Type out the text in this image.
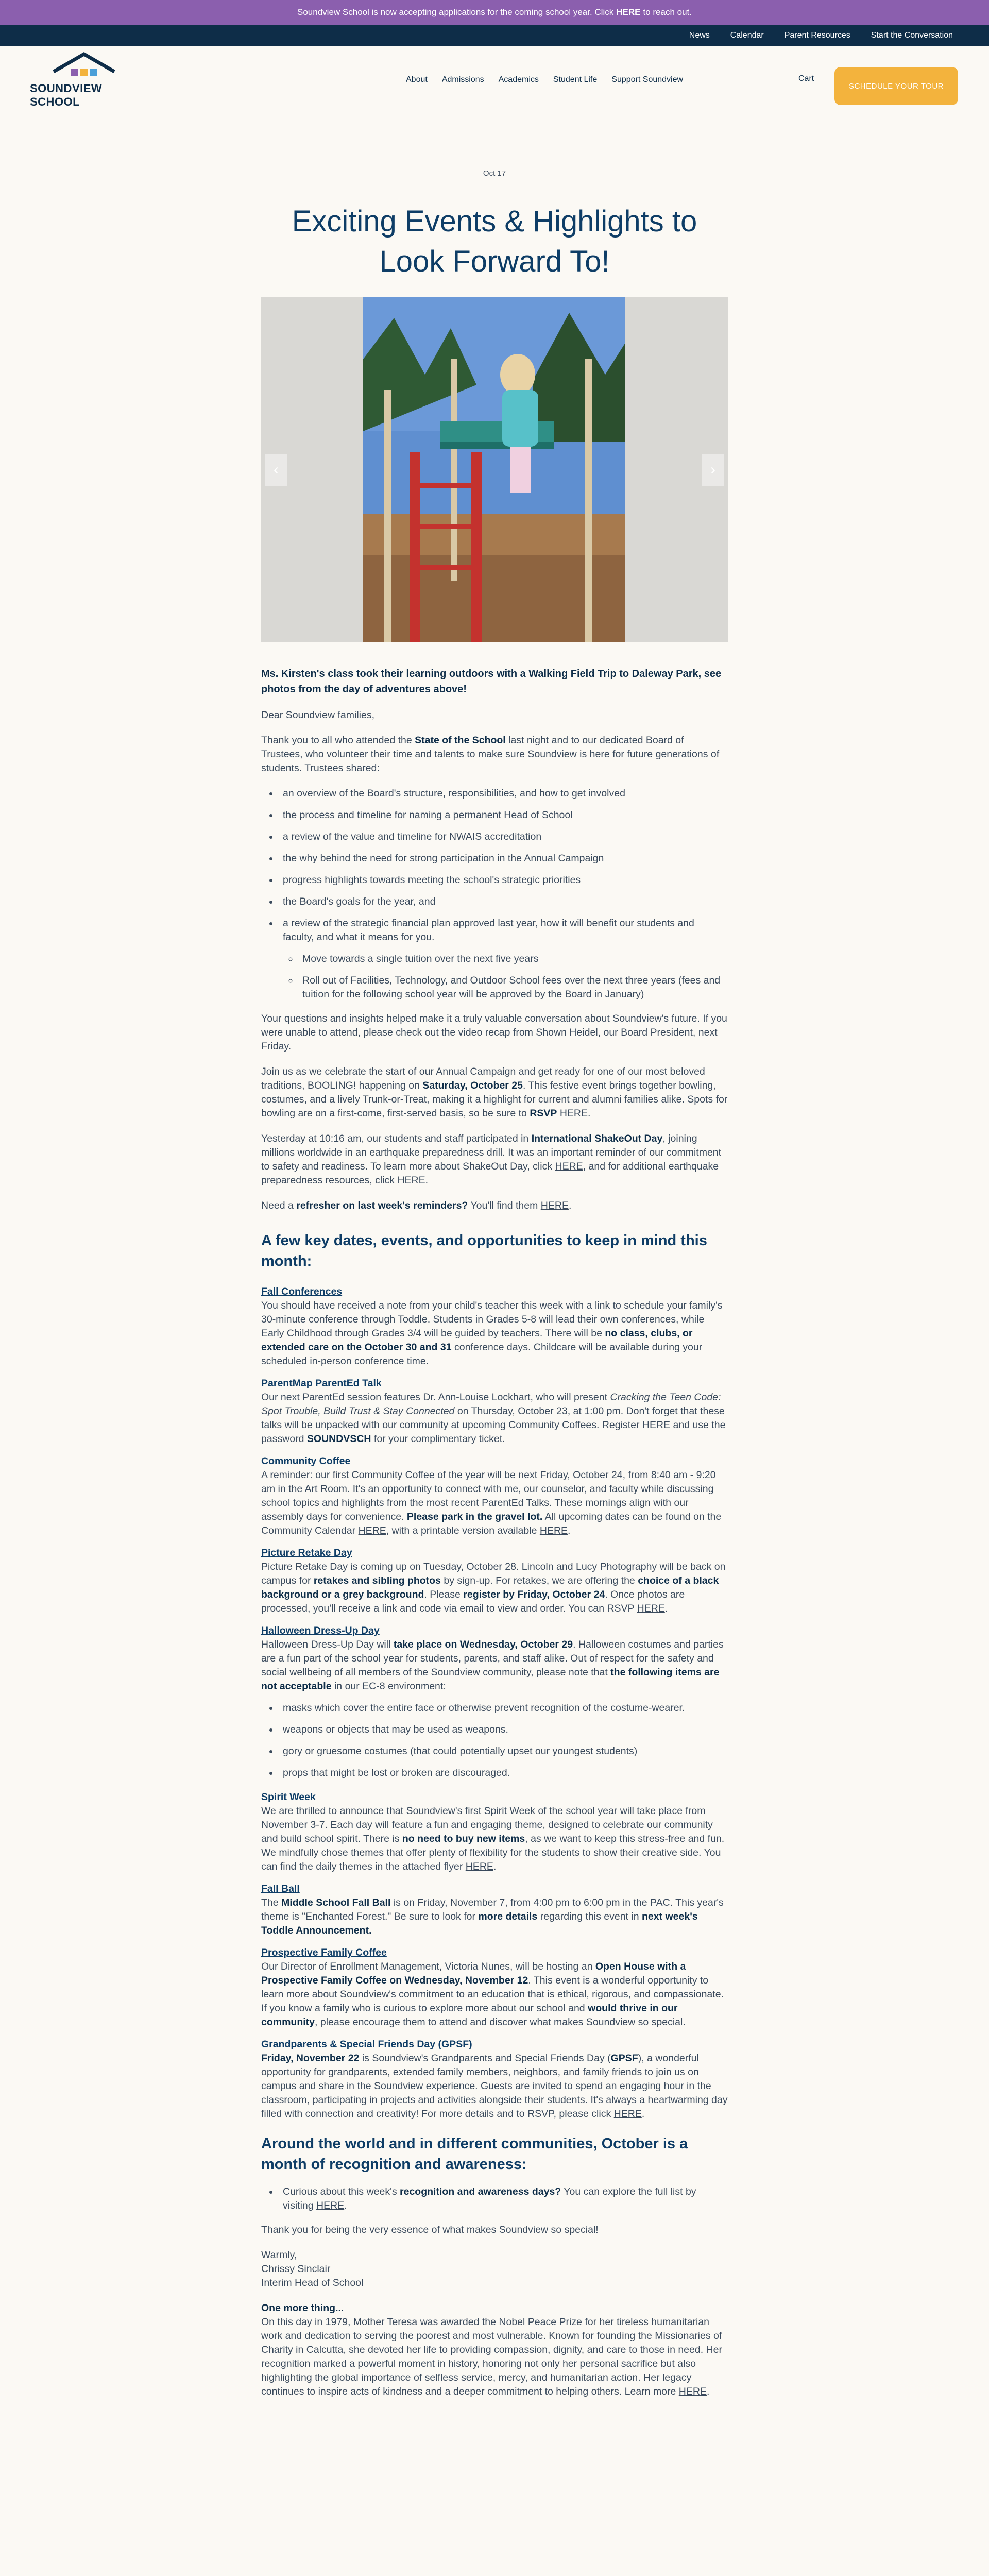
Soundview School is now accepting applications for the coming school year. Click HERE to reach out.
News	Calendar	Parent Resources	Start the Conversation
SOUNDVIEW SCHOOL
About Admissions Academics Student Life Support Soundview	Cart
SCHEDULE YOUR TOUR
Oct 17
Exciting Events & Highlights to Look Forward To!
‹	›

Ms. Kirsten's class took their learning outdoors with a Walking Field Trip to Daleway Park, see photos from the day of adventures above!

Dear Soundview families,

Thank you to all who attended the State of the School last night and to our dedicated Board of Trustees, who volunteer their time and talents to make sure Soundview is here for future generations of students. Trustees shared:

• an overview of the Board's structure, responsibilities, and how to get involved
• the process and timeline for naming a permanent Head of School
• a review of the value and timeline for NWAIS accreditation
• the why behind the need for strong participation in the Annual Campaign
• progress highlights towards meeting the school's strategic priorities
• the Board's goals for the year, and
• a review of the strategic financial plan approved last year, how it will benefit our students and faculty, and what it means for you.
◦ Move towards a single tuition over the next five years
◦ Roll out of Facilities, Technology, and Outdoor School fees over the next three years (fees and tuition for the following school year will be approved by the Board in January)

Your questions and insights helped make it a truly valuable conversation about Soundview's future. If you were unable to attend, please check out the video recap from Shown Heidel, our Board President, next Friday.

Join us as we celebrate the start of our Annual Campaign and get ready for one of our most beloved traditions, BOOLING! happening on Saturday, October 25. This festive event brings together bowling, costumes, and a lively Trunk-or-Treat, making it a highlight for current and alumni families alike. Spots for bowling are on a first-come, first-served basis, so be sure to RSVP HERE.

Yesterday at 10:16 am, our students and staff participated in International ShakeOut Day, joining millions worldwide in an earthquake preparedness drill. It was an important reminder of our commitment to safety and readiness. To learn more about ShakeOut Day, click HERE, and for additional earthquake preparedness resources, click HERE.

Need a refresher on last week's reminders? You'll find them HERE.

A few key dates, events, and opportunities to keep in mind this month:
Fall Conferences
You should have received a note from your child's teacher this week with a link to schedule your family's 30-minute conference through Toddle. Students in Grades 5-8 will lead their own conferences, while Early Childhood through Grades 3/4 will be guided by teachers. There will be no class, clubs, or extended care on the October 30 and 31 conference days. Childcare will be available during your scheduled in-person conference time.
ParentMap ParentEd Talk
Our next ParentEd session features Dr. Ann-Louise Lockhart, who will present Cracking the Teen Code: Spot Trouble, Build Trust & Stay Connected on Thursday, October 23, at 1:00 pm. Don't forget that these talks will be unpacked with our community at upcoming Community Coffees. Register HERE and use the password SOUNDVSCH for your complimentary ticket.
Community Coffee
A reminder: our first Community Coffee of the year will be next Friday, October 24, from 8:40 am - 9:20 am in the Art Room. It's an opportunity to connect with me, our counselor, and faculty while discussing school topics and highlights from the most recent ParentEd Talks. These mornings align with our assembly days for convenience. Please park in the gravel lot. All upcoming dates can be found on the Community Calendar HERE, with a printable version available HERE.
Picture Retake Day
Picture Retake Day is coming up on Tuesday, October 28. Lincoln and Lucy Photography will be back on campus for retakes and sibling photos by sign-up. For retakes, we are offering the choice of a black background or a grey background. Please register by Friday, October 24. Once photos are processed, you'll receive a link and code via email to view and order. You can RSVP HERE.
Halloween Dress-Up Day
Halloween Dress-Up Day will take place on Wednesday, October 29. Halloween costumes and parties are a fun part of the school year for students, parents, and staff alike. Out of respect for the safety and social wellbeing of all members of the Soundview community, please note that the following items are not acceptable in our EC-8 environment:
• masks which cover the entire face or otherwise prevent recognition of the costume-wearer.
• weapons or objects that may be used as weapons.
• gory or gruesome costumes (that could potentially upset our youngest students)
• props that might be lost or broken are discouraged.
Spirit Week
We are thrilled to announce that Soundview's first Spirit Week of the school year will take place from November 3-7. Each day will feature a fun and engaging theme, designed to celebrate our community and build school spirit. There is no need to buy new items, as we want to keep this stress-free and fun. We mindfully chose themes that offer plenty of flexibility for the students to show their creative side. You can find the daily themes in the attached flyer HERE.
Fall Ball
The Middle School Fall Ball is on Friday, November 7, from 4:00 pm to 6:00 pm in the PAC. This year's theme is "Enchanted Forest." Be sure to look for more details regarding this event in next week's Toddle Announcement.
Prospective Family Coffee
Our Director of Enrollment Management, Victoria Nunes, will be hosting an Open House with a Prospective Family Coffee on Wednesday, November 12. This event is a wonderful opportunity to learn more about Soundview's commitment to an education that is ethical, rigorous, and compassionate. If you know a family who is curious to explore more about our school and would thrive in our community, please encourage them to attend and discover what makes Soundview so special.
Grandparents & Special Friends Day (GPSF)
Friday, November 22 is Soundview's Grandparents and Special Friends Day (GPSF), a wonderful opportunity for grandparents, extended family members, neighbors, and family friends to join us on campus and share in the Soundview experience. Guests are invited to spend an engaging hour in the classroom, participating in projects and activities alongside their students. It's always a heartwarming day filled with connection and creativity! For more details and to RSVP, please click HERE.
Around the world and in different communities, October is a month of recognition and awareness:
• Curious about this week's recognition and awareness days? You can explore the full list by visiting HERE.

Thank you for being the very essence of what makes Soundview so special!

Warmly,

Chrissy Sinclair

Interim Head of School

One more thing...
On this day in 1979, Mother Teresa was awarded the Nobel Peace Prize for her tireless humanitarian work and dedication to serving the poorest and most vulnerable. Known for founding the Missionaries of Charity in Calcutta, she devoted her life to providing compassion, dignity, and care to those in need. Her recognition marked a powerful moment in history, honoring not only her personal sacrifice but also highlighting the global importance of selfless service, mercy, and humanitarian action. Her legacy continues to inspire acts of kindness and a deeper commitment to helping others. Learn more HERE.
